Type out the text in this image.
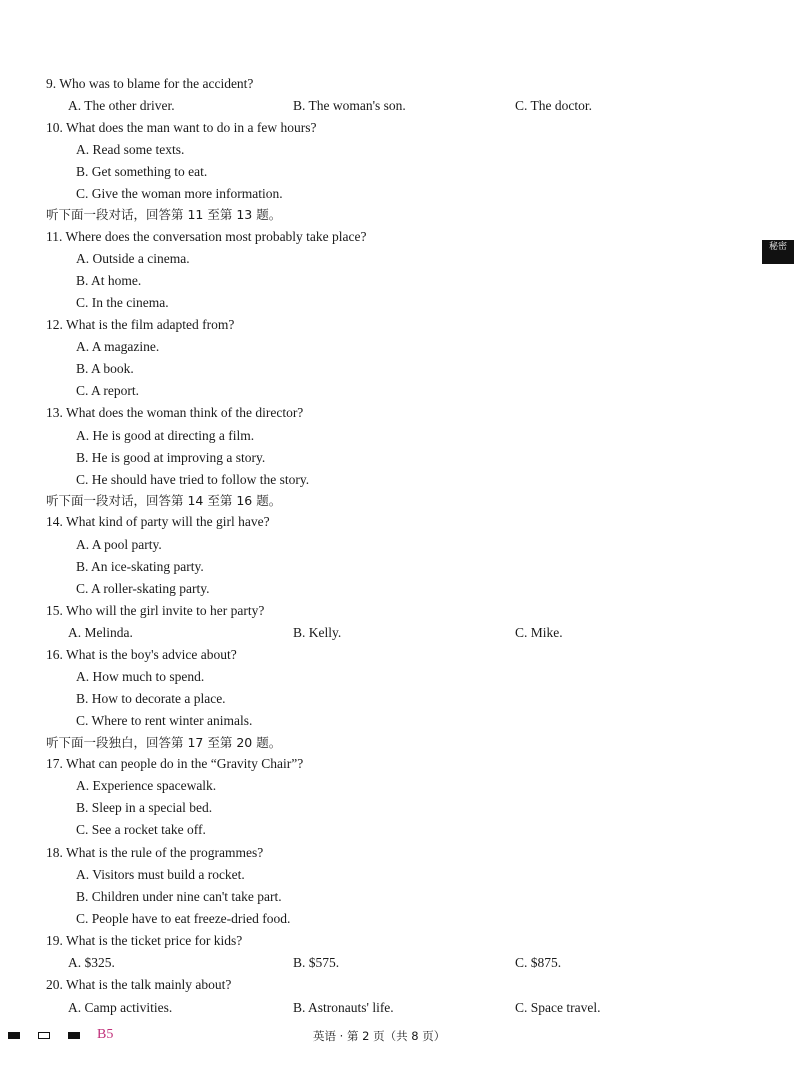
秘密
9. Who was to blame for the accident?
A. The other driver.	B. The woman's son.	C. The doctor.
10. What does the man want to do in a few hours?
A. Read some texts.
B. Get something to eat.
C. Give the woman more information.
听下面一段对话，回答第 11 至第 13 题。
11. Where does the conversation most probably take place?
A. Outside a cinema.
B. At home.
C. In the cinema.
12. What is the film adapted from?
A. A magazine.
B. A book.
C. A report.
13. What does the woman think of the director?
A. He is good at directing a film.
B. He is good at improving a story.
C. He should have tried to follow the story.
听下面一段对话，回答第 14 至第 16 题。
14. What kind of party will the girl have?
A. A pool party.
B. An ice-skating party.
C. A roller-skating party.
15. Who will the girl invite to her party?
A. Melinda.	B. Kelly.	C. Mike.
16. What is the boy's advice about?
A. How much to spend.
B. How to decorate a place.
C. Where to rent winter animals.
听下面一段独白，回答第 17 至第 20 题。
17. What can people do in the “Gravity Chair”?
A. Experience spacewalk.
B. Sleep in a special bed.
C. See a rocket take off.
18. What is the rule of the programmes?
A. Visitors must build a rocket.
B. Children under nine can't take part.
C. People have to eat freeze-dried food.
19. What is the ticket price for kids?
A. $325.	B. $575.	C. $875.
20. What is the talk mainly about?
A. Camp activities.	B. Astronauts' life.	C. Space travel.
B5	英语 · 第 2 页（共 8 页）
